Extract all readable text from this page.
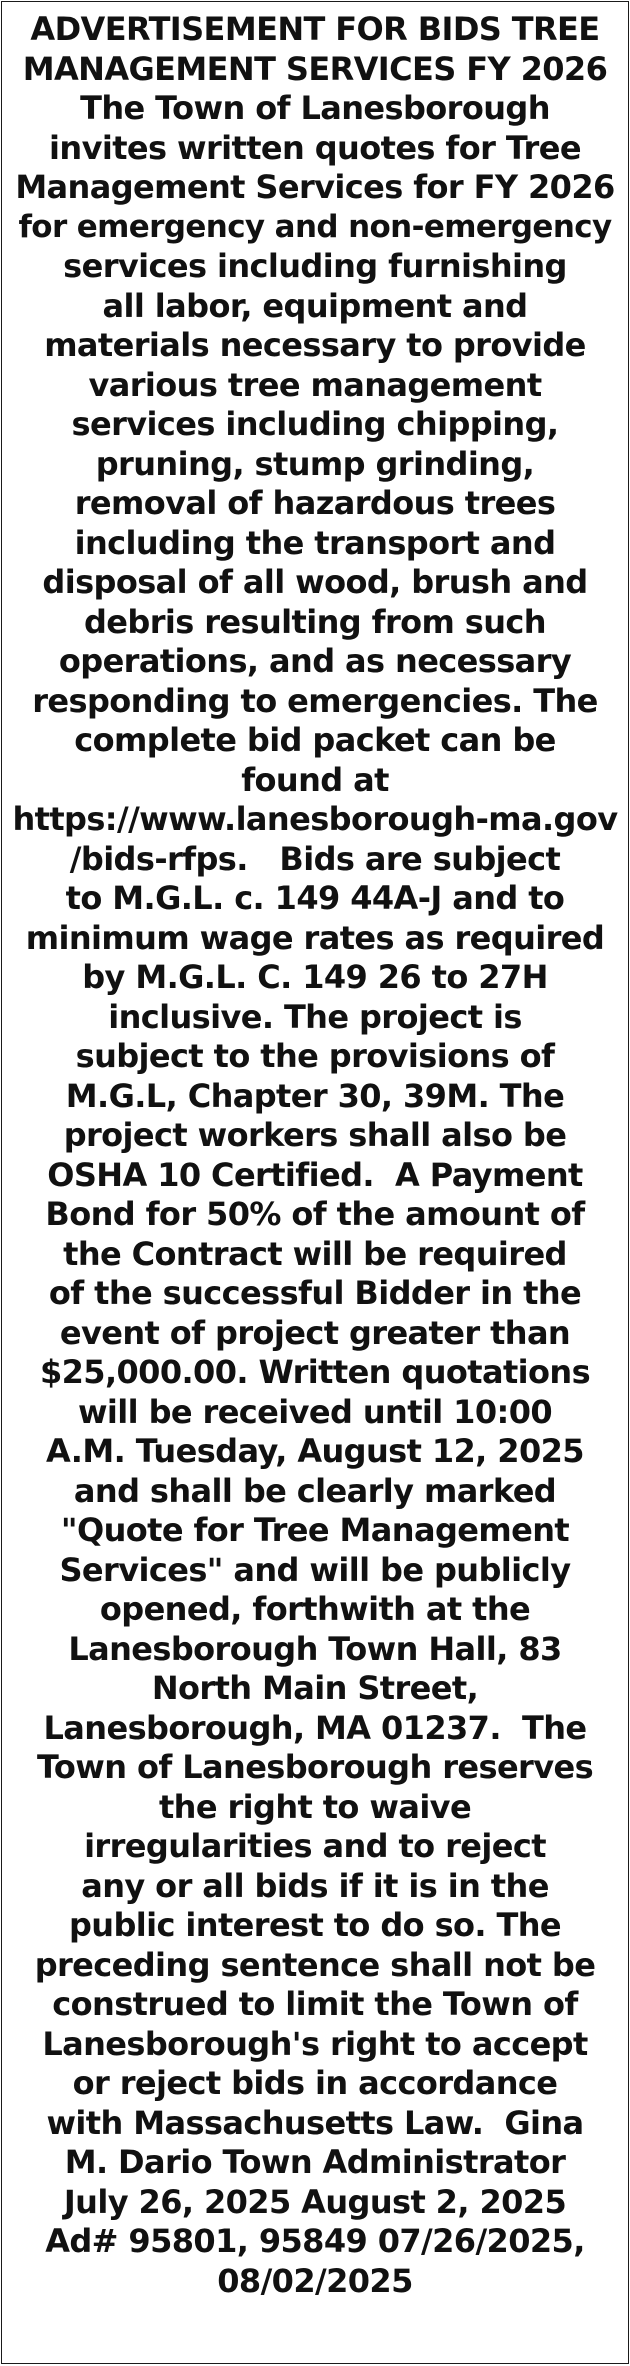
ADVERTISEMENT FOR BIDS TREE
MANAGEMENT SERVICES FY 2026
The Town of Lanesborough
invites written quotes for Tree
Management Services for FY 2026
for emergency and non-emergency
services including furnishing
all labor, equipment and
materials necessary to provide
various tree management
services including chipping,
pruning, stump grinding,
removal of hazardous trees
including the transport and
disposal of all wood, brush and
debris resulting from such
operations, and as necessary
responding to emergencies. The
complete bid packet can be
found at
https://www.lanesborough-ma.gov
/bids-rfps.   Bids are subject
to M.G.L. c. 149 44A-J and to
minimum wage rates as required
by M.G.L. C. 149 26 to 27H
inclusive. The project is
subject to the provisions of
M.G.L, Chapter 30, 39M. The
project workers shall also be
OSHA 10 Certified.  A Payment
Bond for 50% of the amount of
the Contract will be required
of the successful Bidder in the
event of project greater than
$25,000.00. Written quotations
will be received until 10:00
A.M. Tuesday, August 12, 2025
and shall be clearly marked
"Quote for Tree Management
Services" and will be publicly
opened, forthwith at the
Lanesborough Town Hall, 83
North Main Street,
Lanesborough, MA 01237.  The
Town of Lanesborough reserves
the right to waive
irregularities and to reject
any or all bids if it is in the
public interest to do so. The
preceding sentence shall not be
construed to limit the Town of
Lanesborough's right to accept
or reject bids in accordance
with Massachusetts Law.  Gina
M. Dario Town Administrator
July 26, 2025 August 2, 2025
Ad# 95801, 95849 07/26/2025,
08/02/2025
